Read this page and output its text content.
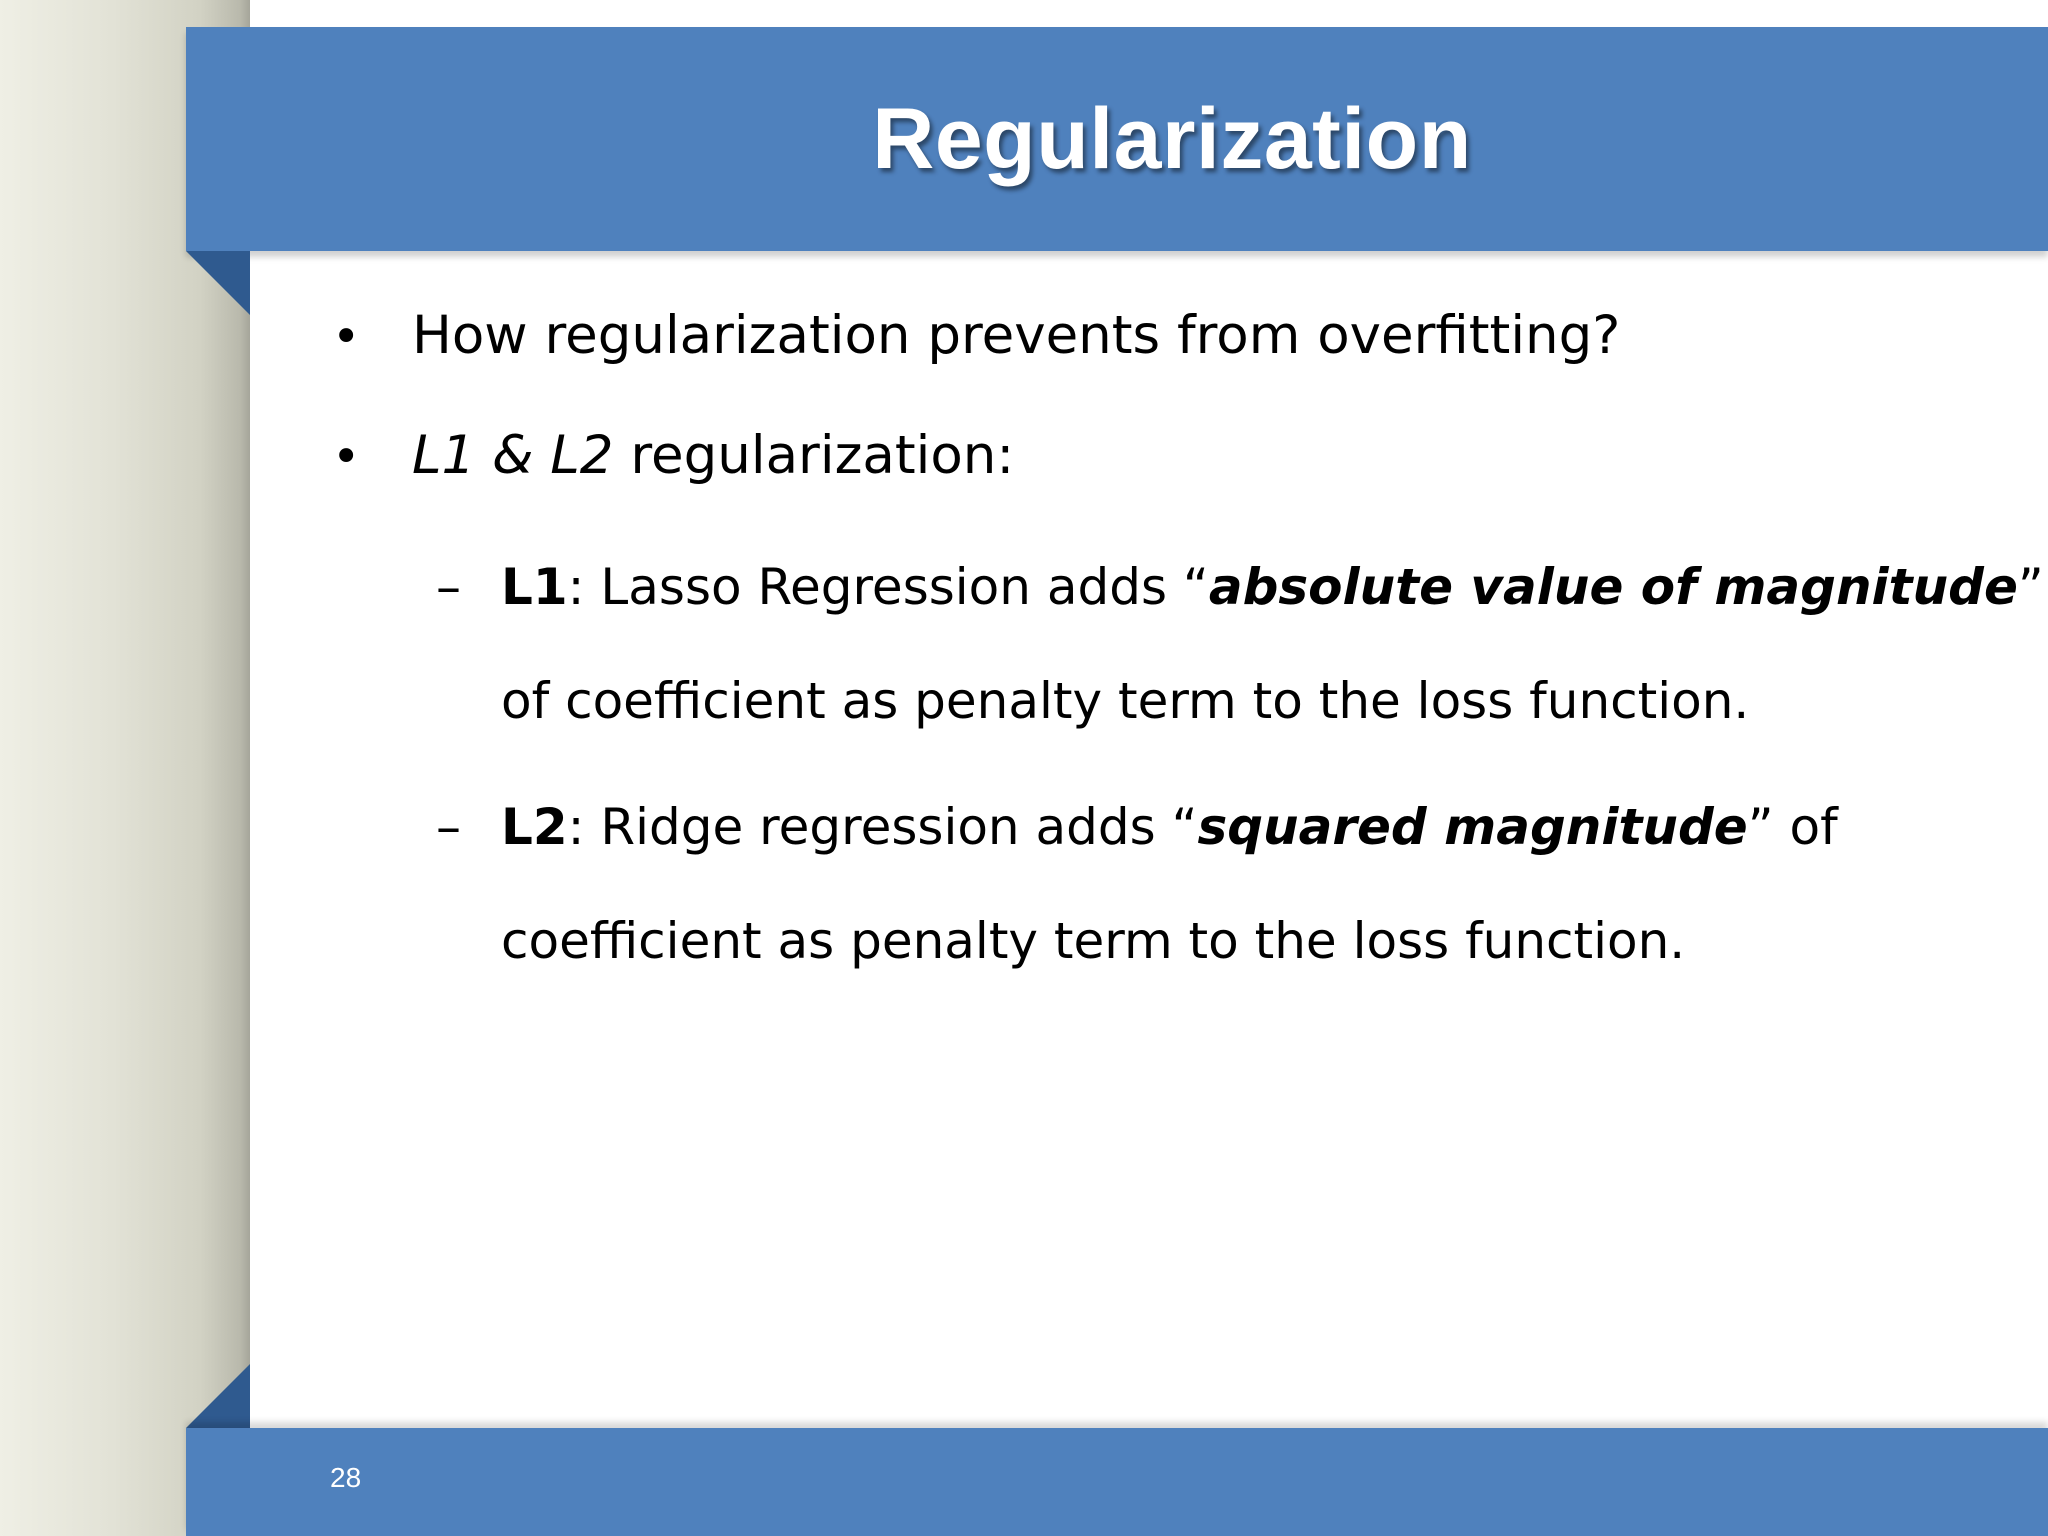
Regularization
• How regularization prevents from overfitting?
• L1 & L2 regularization:
– L1: Lasso Regression adds “absolute value of magnitude”
of coefficient as penalty term to the loss function.
– L2: Ridge regression adds “squared magnitude” of
coefficient as penalty term to the loss function.
28
